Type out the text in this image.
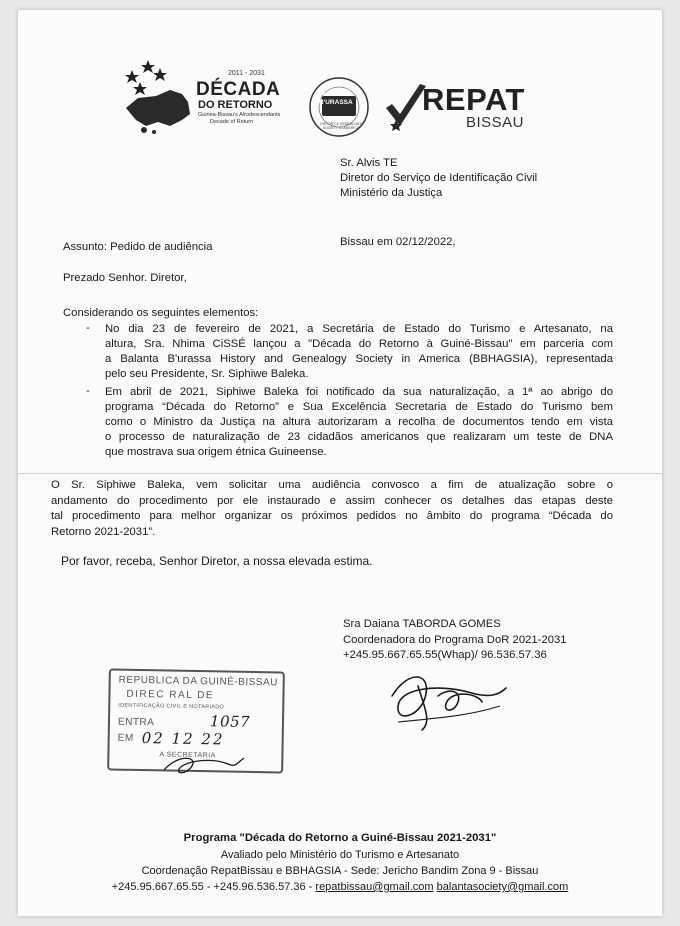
2011 - 2031
DÉCADA
DO RETORNO
Guinea-Bissau's Afrodescendants
Decade of Return
BALANTA
B'URASSA
HISTORY & GENEALOGY SOCIETY IN AMERICA
REPAT
BISSAU
Sr. Alvis TE
Diretor do Serviço de Identificação Civil
Ministério da Justiça
Bissau em 02/12/2022,
Assunto: Pedido de audiência
Prezado Senhor. Diretor,
Considerando os seguintes elementos:
- No dia 23 de fevereiro de 2021, a Secretária de Estado do Turismo e Artesanato, na
altura, Sra. Nhima CiSSÉ lançou a "Década do Retorno à Guiné-Bissau" em parceria com
a Balanta B'urassa History and Genealogy Society in America (BBHAGSIA), representada
pelo seu Presidente, Sr. Siphiwe Baleka.
- Em abril de 2021, Siphiwe Baleka foi notificado da sua naturalização, a 1ª ao abrigo do
programa “Década do Retorno” e Sua Excelência Secretaria de Estado do Turismo bem
como o Ministro da Justiça na altura autorizaram a recolha de documentos tendo em vista
o processo de naturalização de 23 cidadãos americanos que realizaram um teste de DNA
que mostrava sua origem étnica Guineense.
O Sr. Siphiwe Baleka, vem solicitar uma audiência convosco a fim de atualização sobre o
andamento do procedimento por ele instaurado e assim conhecer os detalhes das etapas deste
tal procedimento para melhor organizar os próximos pedidos no âmbito do programa “Década do
Retorno 2021-2031”.
Por favor, receba, Senhor Diretor, a nossa elevada estima.
Sra Daiana TABORDA GOMES
Coordenadora do Programa DoR 2021-2031
+245.95.667.65.55(Whap)/ 96.536.57.36
REPUBLICA DA GUINÉ-BISSAU
DIREC RAL DE
IDENTIFICAÇÃO CIVIL E NOTARIADO
ENTRA	1057
EM 02 12 22
A SECRETARIA
Programa "Década do Retorno a Guiné-Bissau 2021-2031"
Avaliado pelo Ministério do Turismo e Artesanato
Coordenação RepatBissau e BBHAGSIA - Sede: Jericho Bandim Zona 9 - Bissau
+245.95.667.65.55 - +245.96.536.57.36 - repatbissau@gmail.com balantasociety@gmail.com
